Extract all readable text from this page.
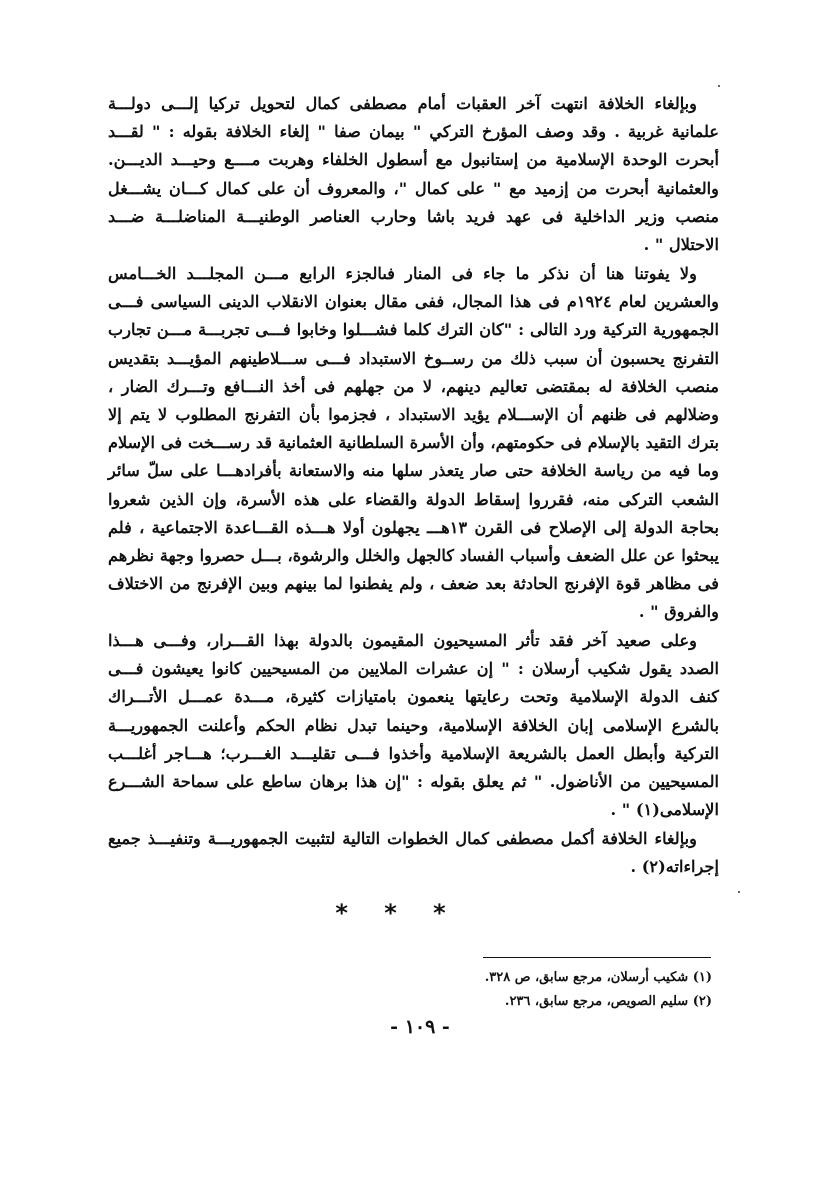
وبإلغاء الخلافة انتهت آخر العقبات أمام مصطفى كمال لتحويل تركيا إلـــى دولـــة علمانية غربية . وقد وصف المؤرخ التركي " بيمان صفا " إلغاء الخلافة بقوله : " لقـــد أبحرت الوحدة الإسلامية من إستانبول مع أسطول الخلفاء وهربت مــــع وحيـــد الديـــن. والعثمانية أبحرت من إزميد مع " على كمال "، والمعروف أن على كمال كـــان يشـــغل منصب وزير الداخلية فى عهد فريد باشا وحارب العناصر الوطنيـــة المناضلـــة ضـــد الاحتلال " .

ولا يفوتنا هنا أن نذكر ما جاء فى المنار فىالجزء الرابع مـــن المجلـــد الخـــامس والعشرين لعام ١٩٢٤م فى هذا المجال، ففى مقال بعنوان الانقلاب الدينى السياسى فـــى الجمهورية التركية ورد التالى : "كان الترك كلما فشـــلوا وخابوا فـــى تجربـــة مـــن تجارب التفرنج يحسبون أن سبب ذلك من رســوخ الاستبداد فـــى ســـلاطينهم المؤيـــد بتقديس منصب الخلافة له بمقتضى تعاليم دينهم، لا من جهلهم فى أخذ النـــافع وتـــرك الضار ، وضلالهم فى ظنهم أن الإســـلام يؤيد الاستبداد ، فجزموا بأن التفرنج المطلوب لا يتم إلا بترك التقيد بالإسلام فى حكومتهم، وأن الأسرة السلطانية العثمانية قد رســـخت فى الإسلام وما فيه من رياسة الخلافة حتى صار يتعذر سلها منه والاستعانة بأفرادهـــا على سلّ سائر الشعب التركى منه، فقرروا إسقاط الدولة والقضاء على هذه الأسرة، وإن الذين شعروا بحاجة الدولة إلى الإصلاح فى القرن ١٣هـــ يجهلون أولا هـــذه القـــاعدة الاجتماعية ، فلم يبحثوا عن علل الضعف وأسباب الفساد كالجهل والخلل والرشوة، بـــل حصروا وجهة نظرهم فى مظاهر قوة الإفرنج الحادثة بعد ضعف ، ولم يفطنوا لما بينهم وبين الإفرنج من الاختلاف والفروق " .

وعلى صعيد آخر فقد تأثر المسيحيون المقيمون بالدولة بهذا القـــرار، وفـــى هـــذا الصدد يقول شكيب أرسلان : " إن عشرات الملايين من المسيحيين كانوا يعيشون فـــى كنف الدولة الإسلامية وتحت رعايتها ينعمون بامتيازات كثيرة، مـــدة عمـــل الأتـــراك بالشرع الإسلامى إبان الخلافة الإسلامية، وحينما تبدل نظام الحكم وأعلنت الجمهوريـــة التركية وأبطل العمل بالشريعة الإسلامية وأخذوا فـــى تقليـــد الغـــرب؛ هـــاجر أغلـــب المسيحيين من الأناضول. " ثم يعلق بقوله : "إن هذا برهان ساطع على سماحة الشـــرع الإسلامى(١) " .

وبإلغاء الخلافة أكمل مصطفى كمال الخطوات التالية لتثبيت الجمهوريـــة وتنفيـــذ جميع إجراءاته(٢) .

* * *
(١) شكيب أرسلان، مرجع سابق، ص ٣٢٨.
(٢) سليم الصويص، مرجع سابق، ٢٣٦.
- ١٠٩ -
